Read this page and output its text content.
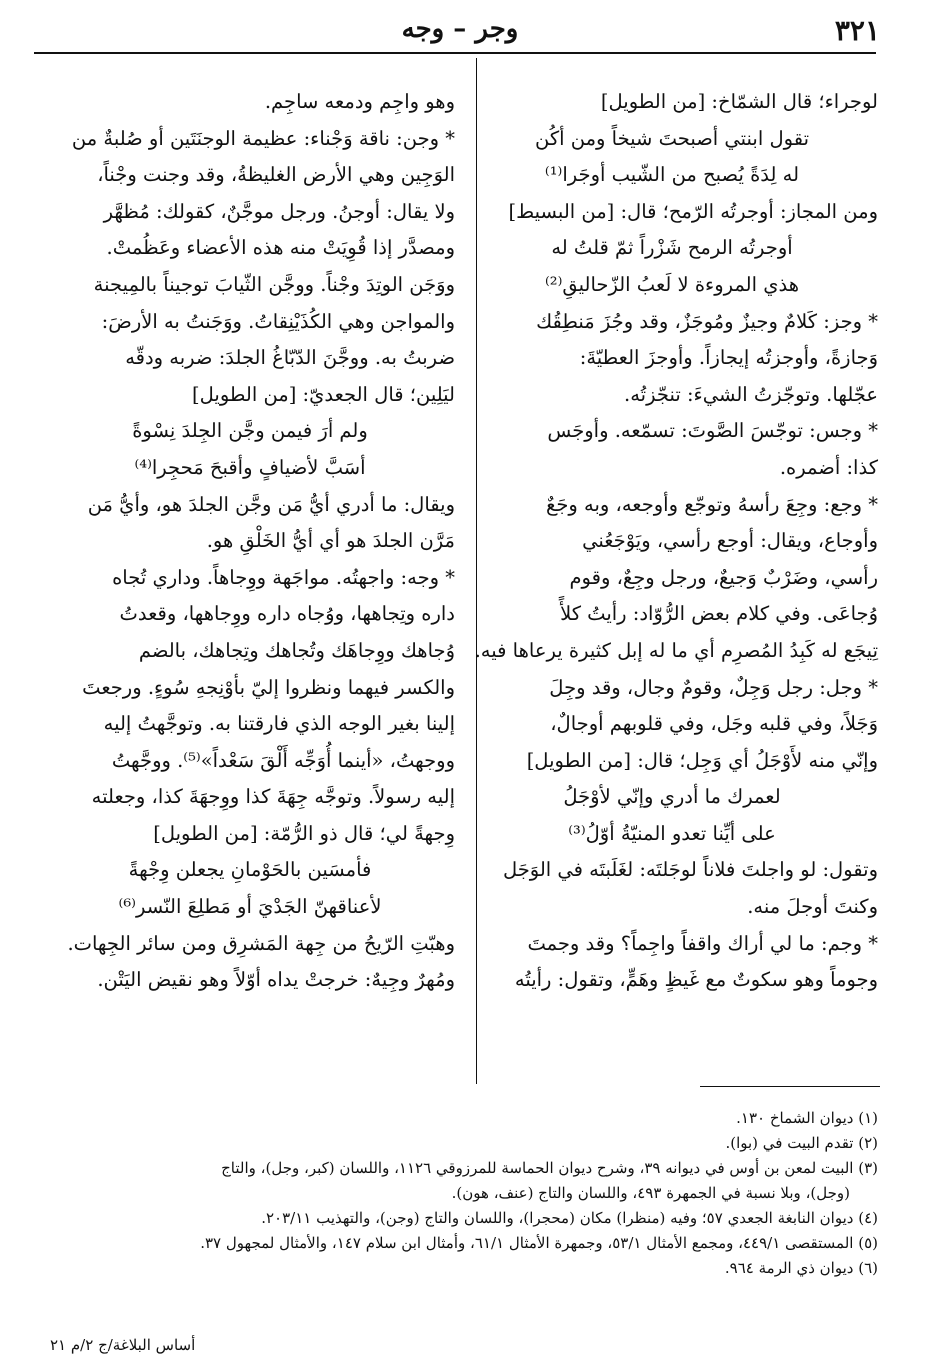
٣٢١
وجر – وجه

لوجراء؛ قال الشمّاخ: [من الطويل]

تقول ابنتي أصبحتَ شيخاً ومن أكُن

له لِدَةً يُصبح من الشّيب أوجَرا⁽¹⁾

ومن المجاز: أوجرتُه الرّمح؛ قال: [من البسيط]

أوجرتُه الرمح شَزْراً ثمّ قلتُ له

هذي المروءة لا لَعبُ الزّحاليقِ⁽²⁾

* وجز: كَلامٌ وجيزٌ ومُوجَزٌ، وقد وجُزَ مَنطِقُك

وَجازةً، وأوجزتُه إيجازاً. وأوجزَ العطيّةَ:

عجّلها. وتوجّزتُ الشيءَ: تنجّزتُه.

* وجس: توجّسَ الصَّوتَ: تسمّعه. وأوجَس

كذا: أضمره.

* وجع: وجِعَ رأسهُ وتوجّع وأوجعه، وبه وجَعٌ

وأوجاع، ويقال: أوجع رأسي، ويَوْجَعُني

رأسي، وضَرْبٌ وَجيعٌ، ورجل وجِعٌ، وقوم

وُجاعَى. وفي كلام بعض الرُّوّاد: رأيتُ كلأً

تِيجَع له كَبِدُ المُصرِم أي ما له إبل كثيرة يرعاها فيه.

* وجل: رجل وَجِلٌ، وقومٌ وجال، وقد وجِلَ

وَجَلاً، وفي قلبه وجَل، وفي قلوبهم أوجالٌ،

وإنّي منه لأَوْجَلُ أي وَجِل؛ قال: [من الطويل]

لعمرك ما أدري وإنّي لأوْجَلُ

على أيِّنا تعدو المنيّةُ أوّلُ⁽³⁾

وتقول: لو واجلتَ فلاناً لوجَلتَه: لغَلَبتَه في الوَجَل

وكنتَ أوجلَ منه.

* وجم: ما لي أراك واقفاً واجِماً؟ وقد وجمتَ

وجوماً وهو سكوتٌ مع غَيظٍ وهَمٍّ، وتقول: رأيتُه

وهو واجِم ودمعه ساجِم.

* وجن: ناقة وَجْناء: عظيمة الوجنَتَين أو صُلبةٌ من

الوَجِين وهي الأرض الغليظةُ، وقد وجنت وجْناً،

ولا يقال: أوجنُ. ورجل موجَّنٌ، كقولك: مُظهَّر

ومصدَّر إذا قُوِيَتْ منه هذه الأعضاء وعَظُمتْ.

ووَجَن الوتِدَ وجْناً. ووجَّن الثّيابَ توجيناً بالمِيجنة

والمواجن وهي الكُذَيْنِقاتُ. ووَجَنتُ به الأرضَ:

ضربتُ به. ووجَّنَ الدّبّاغُ الجلدَ: ضربه ودقّه

ليَلِين؛ قال الجعديّ: [من الطويل]

ولم أرَ فيمن وجَّن الجِلدَ نِسْوةً

أسَبَّ لأضيافٍ وأقبحَ مَحجِرا⁽⁴⁾

ويقال: ما أدري أيُّ مَن وجَّن الجلدَ هو، وأيُّ مَن

مَرَّن الجلدَ هو أي أيُّ الخَلْقِ هو.

* وجه: واجهتُه. مواجَهة ووِجاهاً. وداري تُجاه

داره وتِجاهها، ووُجاه داره ووِجاهها، وقعدتُ

وُجاهك ووِجاهَك وتُجاهك وتِجاهك، بالضم

والكسر فيهما ونظروا إليّ بأوْنِجهِ سُوءٍ. ورجعتَ

إلينا بغير الوجه الذي فارقتنا به. وتوجَّهتُ إليه

ووجهتُ، «أينما أُوَجِّه أَلْقَ سَعْداً»⁽⁵⁾. ووجَّهتُ

إليه رسولاً. وتوجَّه جِهَةَ كذا ووِجهَةَ كذا، وجعلته

وِجهةً لي؛ قال ذو الرُّمّة: [من الطويل]

فأمسَين بالحَوْمانِ يجعلن وِجْهةً

لأعناقهنّ الجَدْيَ أو مَطلِعَ النّسر⁽⁶⁾

وهبّتِ الرّيحُ من جِهة المَشرِق ومن سائر الجِهات.

ومُهرٌ وجِيهٌ: خرجتْ يداه أوّلاً وهو نقيض اليَتْن.

(١) ديوان الشماخ ١٣٠.

(٢) تقدم البيت في (بوا).

(٣) البيت لمعن بن أوس في ديوانه ٣٩، وشرح ديوان الحماسة للمرزوقي ١١٢٦، واللسان (كبر، وجل)، والتاج

(وجل)، وبلا نسبة في الجمهرة ٤٩٣، واللسان والتاج (عنف، هون).

(٤) ديوان النابغة الجعدي ٥٧؛ وفيه (منظرا) مكان (محجرا)، واللسان والتاج (وجن)، والتهذيب ٢٠٣/١١.

(٥) المستقصى ٤٤٩/١، ومجمع الأمثال ٥٣/١، وجمهرة الأمثال ٦١/١، وأمثال ابن سلام ١٤٧، والأمثال لمجهول ٣٧.

(٦) ديوان ذي الرمة ٩٦٤.

أساس البلاغة/ج ٢/م ٢١
